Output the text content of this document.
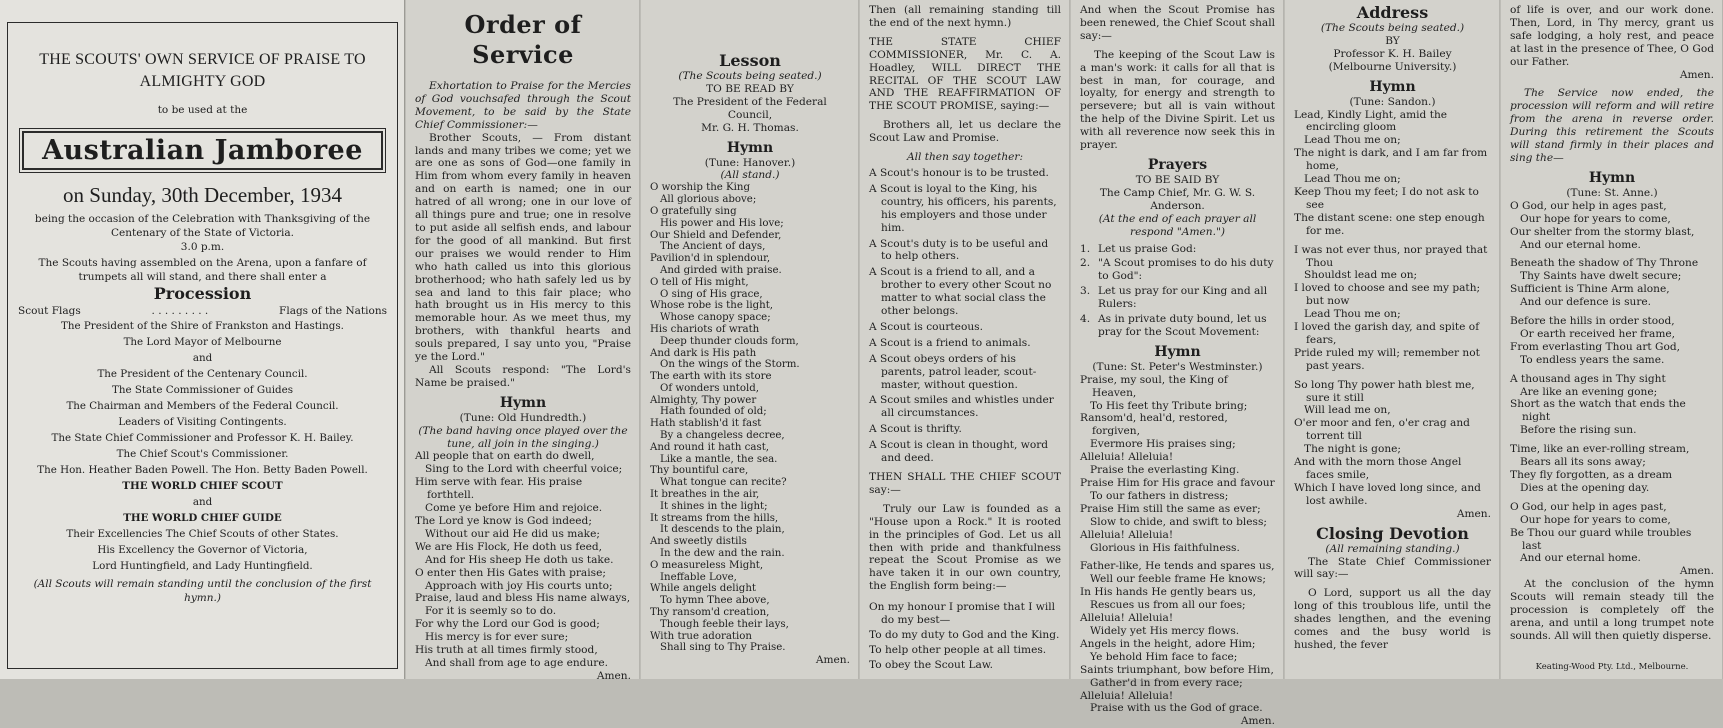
THE SCOUTS' OWN SERVICE OF PRAISE TO ALMIGHTY GOD
to be used at the
Australian Jamboree
on Sunday, 30th December, 1934
being the occasion of the Celebration with Thanksgiving of the Centenary of the State of Victoria.
3.0 p.m.
The Scouts having assembled on the Arena, upon a fanfare of trumpets all will stand, and there shall enter a
Procession
Scout Flags	. . . . . . . . .	Flags of the Nations
The President of the Shire of Frankston and Hastings.
The Lord Mayor of Melbourne
and
The President of the Centenary Council.
The State Commissioner of Guides
The Chairman and Members of the Federal Council.
Leaders of Visiting Contingents.
The State Chief Commissioner and Professor K. H. Bailey.
The Chief Scout's Commissioner.
The Hon. Heather Baden Powell. The Hon. Betty Baden Powell.
THE WORLD CHIEF SCOUT
and
THE WORLD CHIEF GUIDE
Their Excellencies The Chief Scouts of other States.
His Excellency the Governor of Victoria,
Lord Huntingfield, and Lady Huntingfield.
(All Scouts will remain standing until the conclusion of the first hymn.)
Order of Service

Exhortation to Praise for the Mercies of God vouchsafed through the Scout Movement, to be said by the State Chief Commissioner:—

Brother Scouts, — From distant lands and many tribes we come; yet we are one as sons of God—one family in Him from whom every family in heaven and on earth is named; one in our hatred of all wrong; one in our love of all things pure and true; one in resolve to put aside all selfish ends, and labour for the good of all mankind. But first our praises we would render to Him who hath called us into this glorious brotherhood; who hath safely led us by sea and land to this fair place; who hath brought us in His mercy to this memorable hour. As we meet thus, my brothers, with thankful hearts and souls prepared, I say unto you, "Praise ye the Lord."

All Scouts respond: "The Lord's Name be praised."

Hymn
(Tune: Old Hundredth.)

(The band having once played over the tune, all join in the singing.)

All people that on earth do dwell,
Sing to the Lord with cheerful voice;
Him serve with fear. His praise forthtell.
Come ye before Him and rejoice.
The Lord ye know is God indeed;
Without our aid He did us make;
We are His Flock, He doth us feed,
And for His sheep He doth us take.
O enter then His Gates with praise;
Approach with joy His courts unto;
Praise, laud and bless His name always,
For it is seemly so to do.
For why the Lord our God is good;
His mercy is for ever sure;
His truth at all times firmly stood,
And shall from age to age endure.
Amen.
Lesson
(The Scouts being seated.)
TO BE READ BY
The President of the Federal Council,
Mr. G. H. Thomas.
Hymn
(Tune: Hanover.)
(All stand.)
O worship the King
All glorious above;
O gratefully sing
His power and His love;
Our Shield and Defender,
The Ancient of days,
Pavilion'd in splendour,
And girded with praise.
O tell of His might,
O sing of His grace,
Whose robe is the light,
Whose canopy space;
His chariots of wrath
Deep thunder clouds form,
And dark is His path
On the wings of the Storm.
The earth with its store
Of wonders untold,
Almighty, Thy power
Hath founded of old;
Hath stablish'd it fast
By a changeless decree,
And round it hath cast,
Like a mantle, the sea.
Thy bountiful care,
What tongue can recite?
It breathes in the air,
It shines in the light;
It streams from the hills,
It descends to the plain,
And sweetly distils
In the dew and the rain.
O measureless Might,
Ineffable Love,
While angels delight
To hymn Thee above,
Thy ransom'd creation,
Though feeble their lays,
With true adoration
Shall sing to Thy Praise.
Amen.

Then (all remaining standing till the end of the next hymn.)

THE STATE CHIEF COMMISSIONER, Mr. C. A. Hoadley, WILL DIRECT THE RECITAL OF THE SCOUT LAW AND THE REAFFIRMATION OF THE SCOUT PROMISE, saying:—

Brothers all, let us declare the Scout Law and Promise.

All then say together:

A Scout's honour is to be trusted.
A Scout is loyal to the King, his country, his officers, his parents, his employers and those under him.
A Scout's duty is to be useful and to help others.
A Scout is a friend to all, and a brother to every other Scout no matter to what social class the other belongs.
A Scout is courteous.
A Scout is a friend to animals.
A Scout obeys orders of his parents, patrol leader, scout-master, without question.
A Scout smiles and whistles under all circumstances.
A Scout is thrifty.
A Scout is clean in thought, word and deed.

THEN SHALL THE CHIEF SCOUT say:—

Truly our Law is founded as a "House upon a Rock." It is rooted in the principles of God. Let us all then with pride and thankfulness repeat the Scout Promise as we have taken it in our own country, the English form being:—

On my honour I promise that I will do my best—
To do my duty to God and the King.
To help other people at all times.
To obey the Scout Law.

And when the Scout Promise has been renewed, the Chief Scout shall say:—

The keeping of the Scout Law is a man's work: it calls for all that is best in man, for courage, and loyalty, for energy and strength to persevere; but all is vain without the help of the Divine Spirit. Let us with all reverence now seek this in prayer.

Prayers
TO BE SAID BY
The Camp Chief, Mr. G. W. S. Anderson.

(At the end of each prayer all respond "Amen.")

1. Let us praise God:
2. "A Scout promises to do his duty to God":
3. Let us pray for our King and all Rulers:
4. As in private duty bound, let us pray for the Scout Movement:
Hymn
(Tune: St. Peter's Westminster.)
Praise, my soul, the King of Heaven,
To His feet thy Tribute bring;
Ransom'd, heal'd, restored, forgiven,
Evermore His praises sing;
Alleluia! Alleluia!
Praise the everlasting King.
Praise Him for His grace and favour
To our fathers in distress;
Praise Him still the same as ever;
Slow to chide, and swift to bless;
Alleluia! Alleluia!
Glorious in His faithfulness.
Father-like, He tends and spares us,
Well our feeble frame He knows;
In His hands He gently bears us,
Rescues us from all our foes;
Alleluia! Alleluia!
Widely yet His mercy flows.
Angels in the height, adore Him;
Ye behold Him face to face;
Saints triumphant, bow before Him,
Gather'd in from every race;
Alleluia! Alleluia!
Praise with us the God of grace.
Amen.
Address
(The Scouts being seated.)
BY
Professor K. H. Bailey
(Melbourne University.)
Hymn
(Tune: Sandon.)
Lead, Kindly Light, amid the encircling gloom
Lead Thou me on;
The night is dark, and I am far from home,
Lead Thou me on;
Keep Thou my feet; I do not ask to see
The distant scene: one step enough for me.
I was not ever thus, nor prayed that Thou
Shouldst lead me on;
I loved to choose and see my path; but now
Lead Thou me on;
I loved the garish day, and spite of fears,
Pride ruled my will; remember not past years.
So long Thy power hath blest me, sure it still
Will lead me on,
O'er moor and fen, o'er crag and torrent till
The night is gone;
And with the morn those Angel faces smile,
Which I have loved long since, and lost awhile.
Amen.
Closing Devotion
(All remaining standing.)

The State Chief Commissioner will say:—

O Lord, support us all the day long of this troublous life, until the shades lengthen, and the evening comes and the busy world is hushed, the fever

of life is over, and our work done. Then, Lord, in Thy mercy, grant us safe lodging, a holy rest, and peace at last in the presence of Thee, O God our Father.

Amen.

The Service now ended, the procession will reform and will retire from the arena in reverse order. During this retirement the Scouts will stand firmly in their places and sing the—

Hymn
(Tune: St. Anne.)
O God, our help in ages past,
Our hope for years to come,
Our shelter from the stormy blast,
And our eternal home.
Beneath the shadow of Thy Throne
Thy Saints have dwelt secure;
Sufficient is Thine Arm alone,
And our defence is sure.
Before the hills in order stood,
Or earth received her frame,
From everlasting Thou art God,
To endless years the same.
A thousand ages in Thy sight
Are like an evening gone;
Short as the watch that ends the night
Before the rising sun.
Time, like an ever-rolling stream,
Bears all its sons away;
They fly forgotten, as a dream
Dies at the opening day.
O God, our help in ages past,
Our hope for years to come,
Be Thou our guard while troubles last
And our eternal home.
Amen.

At the conclusion of the hymn Scouts will remain steady till the procession is completely off the arena, and until a long trumpet note sounds. All will then quietly disperse.

Keating-Wood Pty. Ltd., Melbourne.
